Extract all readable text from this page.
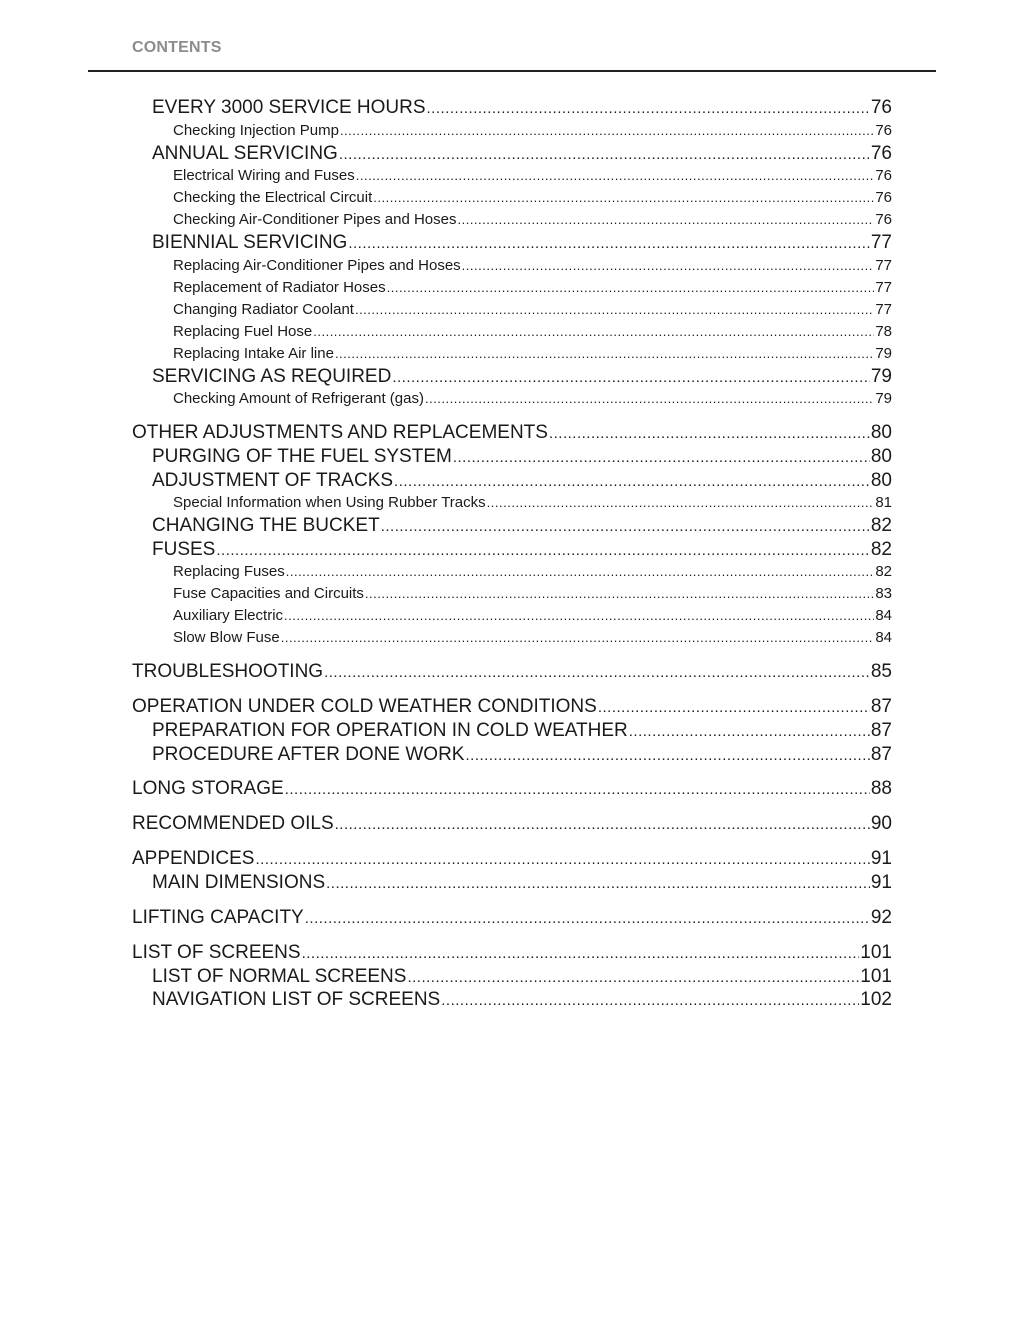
CONTENTS
EVERY 3000 SERVICE HOURS .....	76
Checking Injection Pump .....	76
ANNUAL SERVICING .....	76
Electrical Wiring and Fuses .....	76
Checking the Electrical Circuit .....	76
Checking Air-Conditioner Pipes and Hoses .....	76
BIENNIAL SERVICING .....	77
Replacing Air-Conditioner Pipes and Hoses .....	77
Replacement of Radiator Hoses .....	77
Changing Radiator Coolant .....	77
Replacing Fuel Hose .....	78
Replacing Intake Air line .....	79
SERVICING AS REQUIRED .....	79
Checking Amount of Refrigerant (gas) .....	79
OTHER ADJUSTMENTS AND REPLACEMENTS .....	80
PURGING OF THE FUEL SYSTEM .....	80
ADJUSTMENT OF TRACKS .....	80
Special Information when Using Rubber Tracks .....	81
CHANGING THE BUCKET .....	82
FUSES .....	82
Replacing Fuses .....	82
Fuse Capacities and Circuits .....	83
Auxiliary Electric .....	84
Slow Blow Fuse .....	84
TROUBLESHOOTING .....	85
OPERATION UNDER COLD WEATHER CONDITIONS .....	87
PREPARATION FOR OPERATION IN COLD WEATHER .....	87
PROCEDURE AFTER DONE WORK .....	87
LONG STORAGE .....	88
RECOMMENDED OILS .....	90
APPENDICES .....	91
MAIN DIMENSIONS .....	91
LIFTING CAPACITY .....	92
LIST OF SCREENS .....	101
LIST OF NORMAL SCREENS .....	101
NAVIGATION LIST OF SCREENS .....	102
